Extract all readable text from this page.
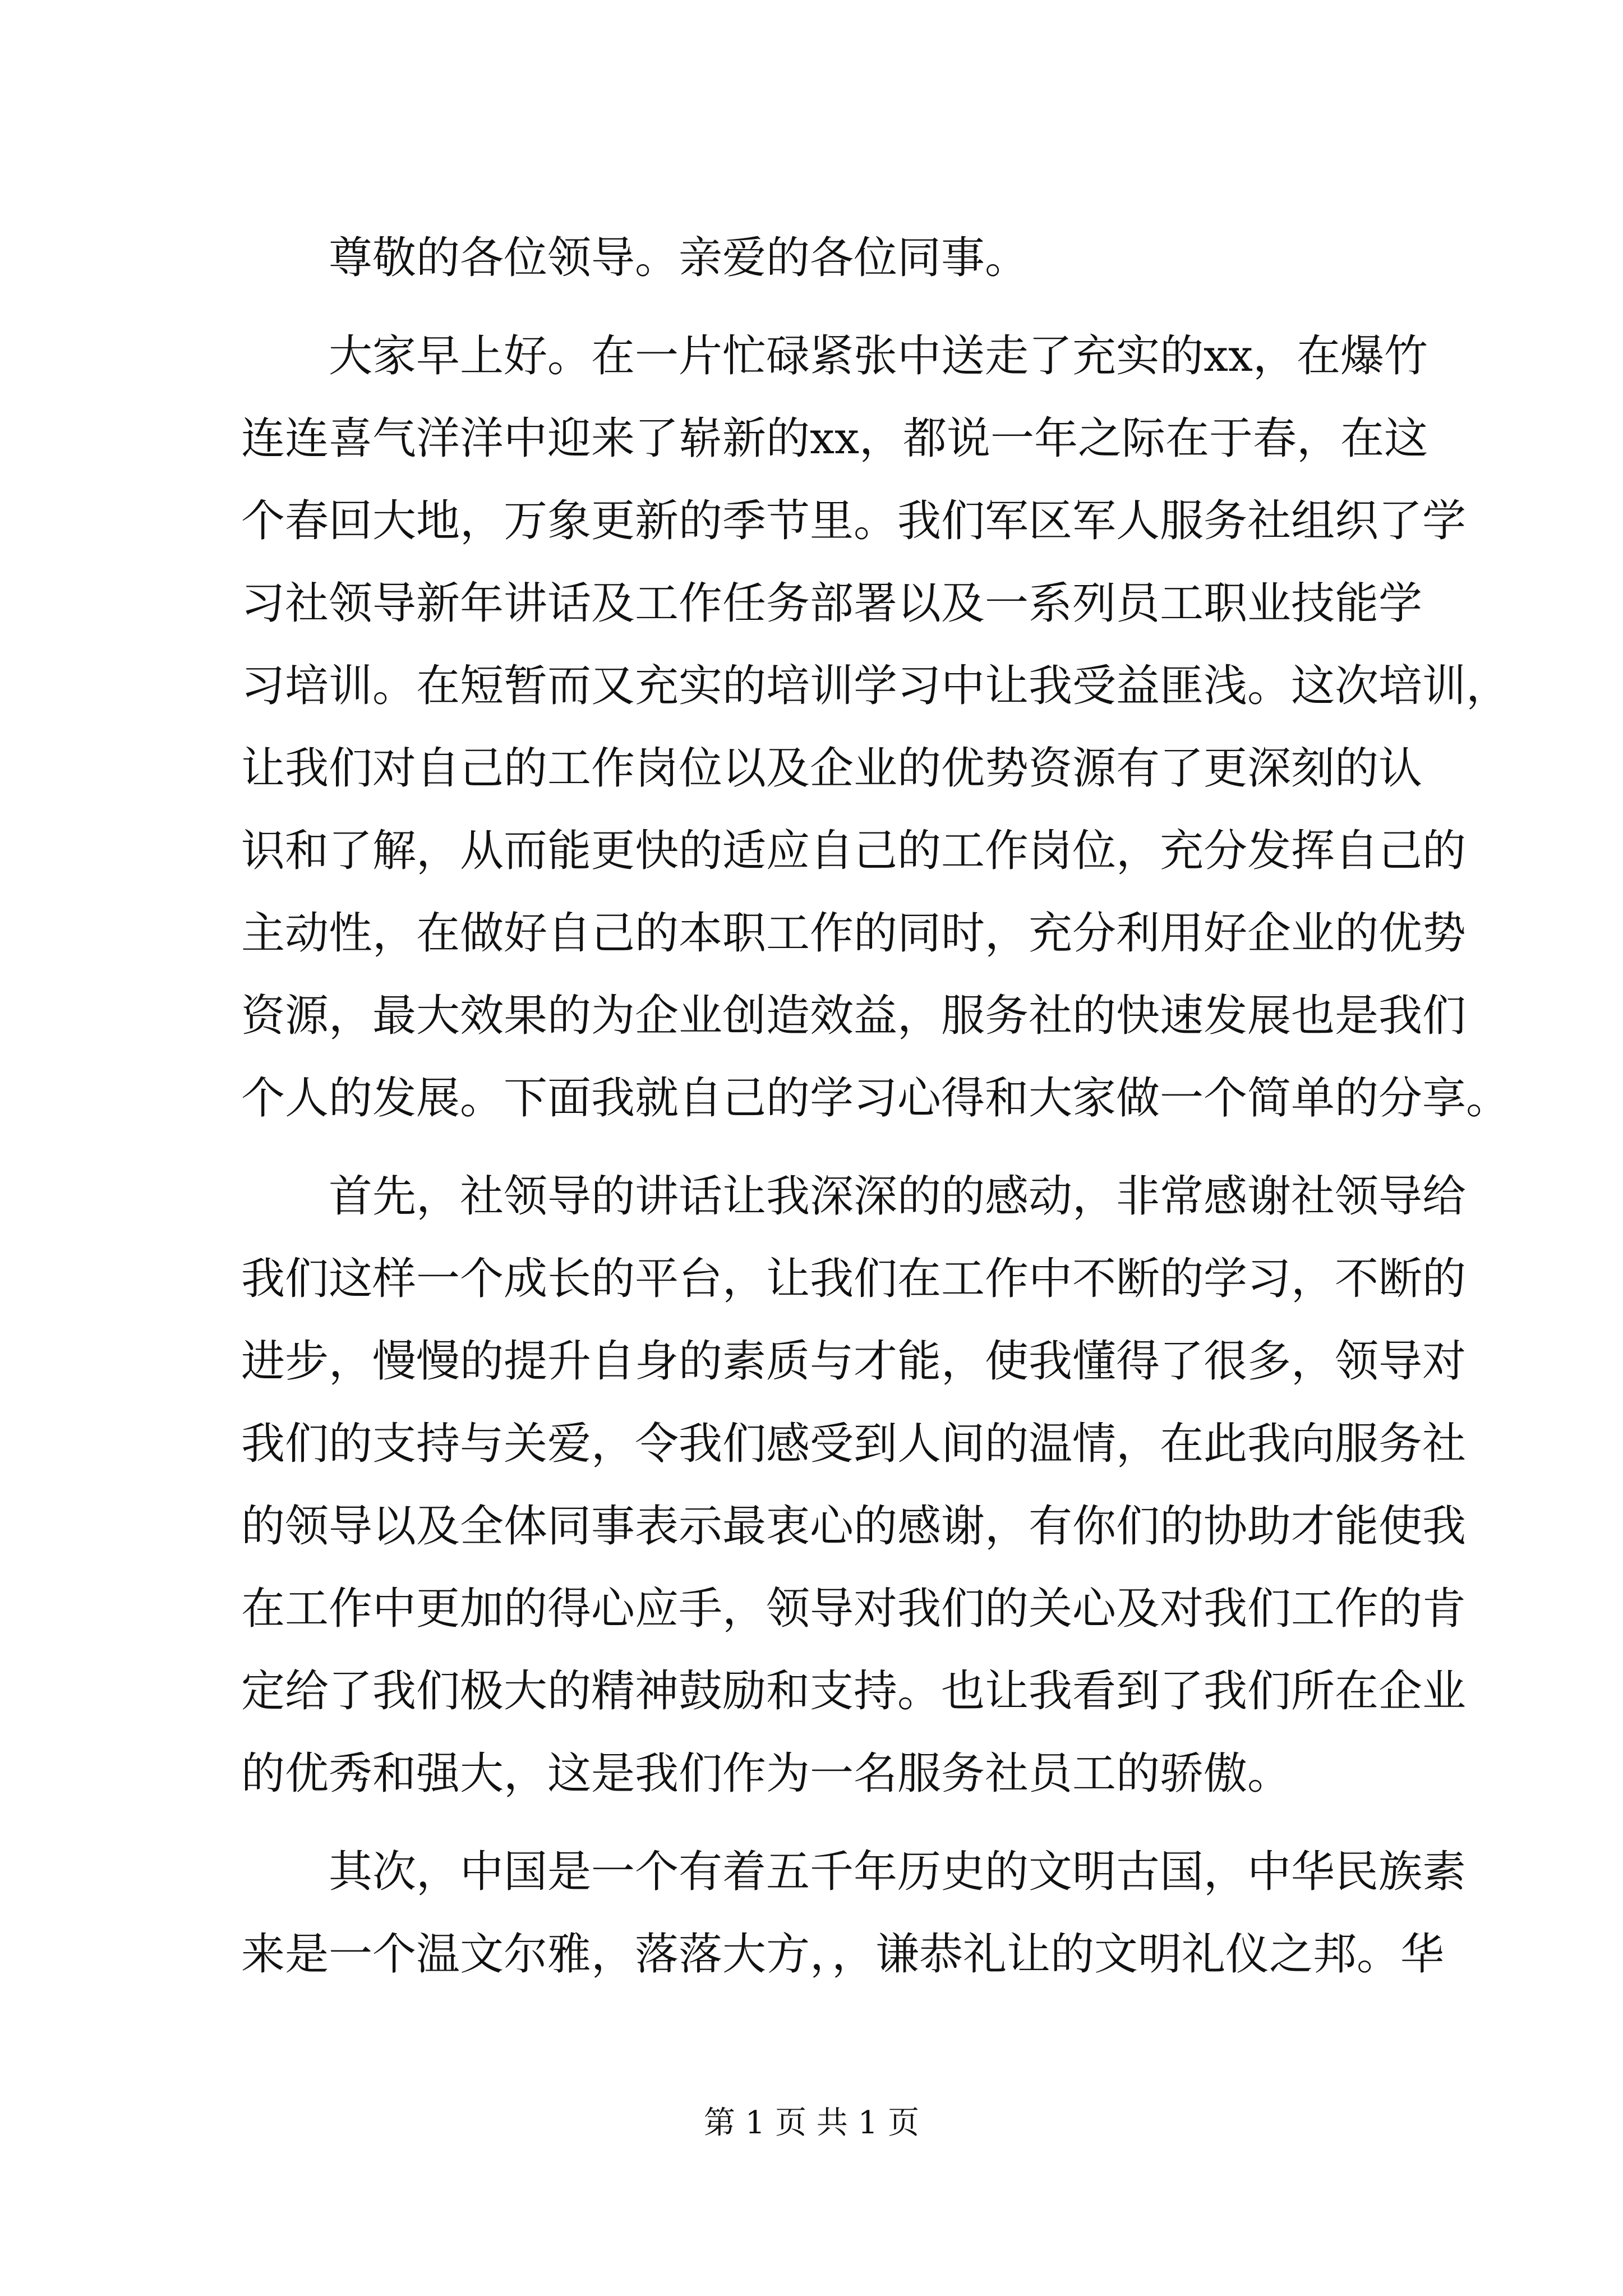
尊敬的各位领导。亲爱的各位同事。
大家早上好。在一片忙碌紧张中送走了充实的xx，在爆竹
连连喜气洋洋中迎来了崭新的xx，都说一年之际在于春，在这
个春回大地，万象更新的季节里。我们军区军人服务社组织了学
习社领导新年讲话及工作任务部署以及一系列员工职业技能学
习培训。在短暂而又充实的培训学习中让我受益匪浅。这次培训，
让我们对自己的工作岗位以及企业的优势资源有了更深刻的认
识和了解，从而能更快的适应自己的工作岗位，充分发挥自己的
主动性，在做好自己的本职工作的同时，充分利用好企业的优势
资源，最大效果的为企业创造效益，服务社的快速发展也是我们
个人的发展。下面我就自己的学习心得和大家做一个简单的分享。
首先，社领导的讲话让我深深的的感动，非常感谢社领导给
我们这样一个成长的平台，让我们在工作中不断的学习，不断的
进步，慢慢的提升自身的素质与才能，使我懂得了很多，领导对
我们的支持与关爱，令我们感受到人间的温情，在此我向服务社
的领导以及全体同事表示最衷心的感谢，有你们的协助才能使我
在工作中更加的得心应手，领导对我们的关心及对我们工作的肯
定给了我们极大的精神鼓励和支持。也让我看到了我们所在企业
的优秀和强大，这是我们作为一名服务社员工的骄傲。
其次，中国是一个有着五千年历史的文明古国，中华民族素
来是一个温文尔雅，落落大方，，谦恭礼让的文明礼仪之邦。华
第 1 页 共 1 页
